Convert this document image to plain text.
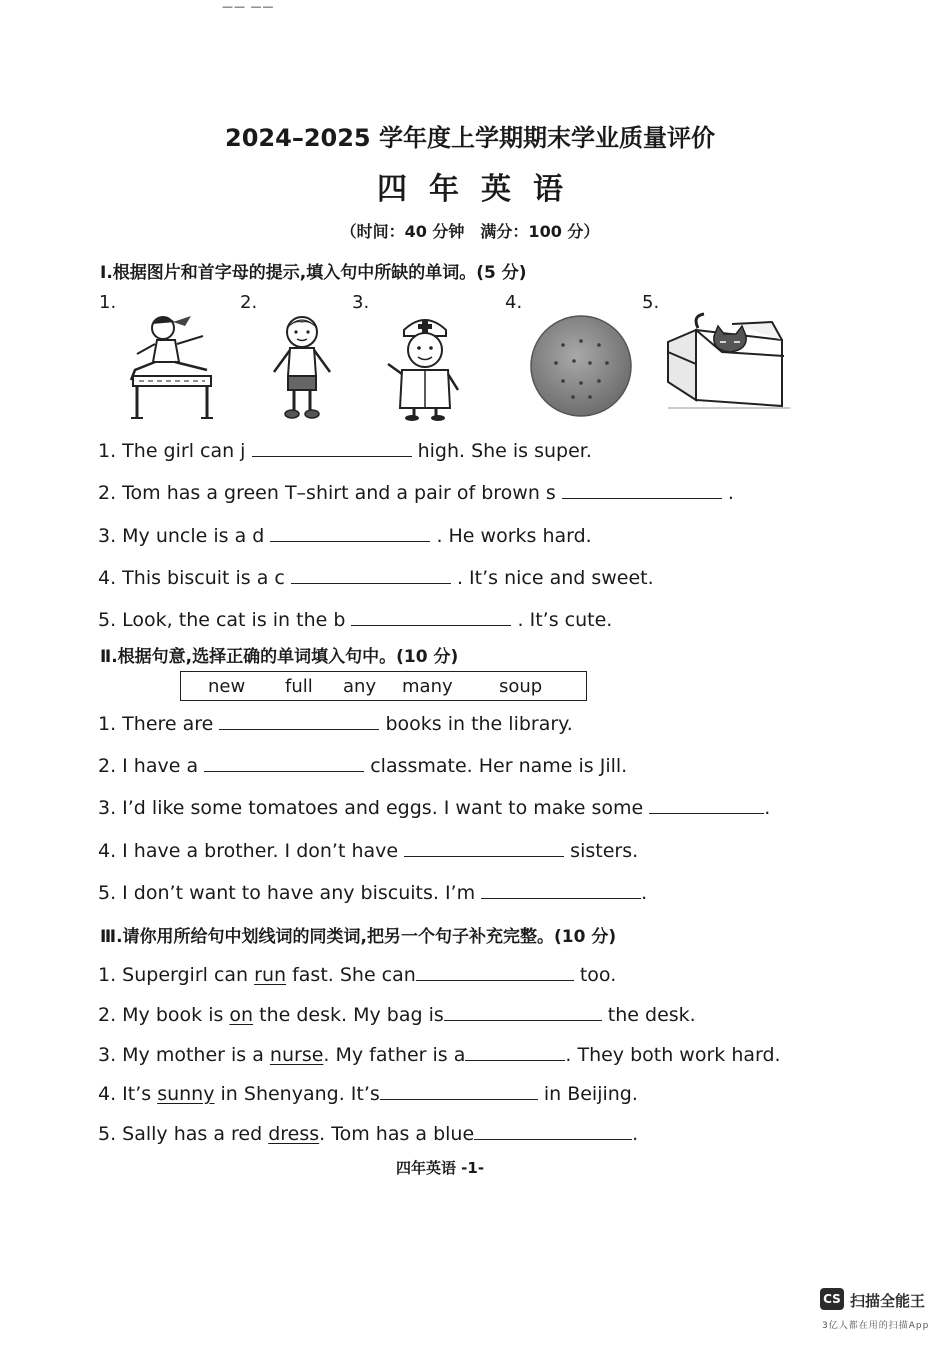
—— ——
2024–2025 学年度上学期期末学业质量评价
四年英语
（时间：40 分钟　满分：100 分）
Ⅰ.根据图片和首字母的提示,填入句中所缺的单词。(5 分)
1.	2.	3.	4.	5.
1. The girl can j	high. She is super.
2. Tom has a green T–shirt and a pair of brown s	.
3. My uncle is a d	. He works hard.
4. This biscuit is a c	. It’s nice and sweet.
5. Look, the cat is in the b	. It’s cute.
Ⅱ.根据句意,选择正确的单词填入句中。(10 分)
new full any many	soup
1. There are	books in the library.
2. I have a	classmate. Her name is Jill.
3. I’d like some tomatoes and eggs. I want to make some	.
4. I have a brother. I don’t have	sisters.
5. I don’t want to have any biscuits. I’m	.
Ⅲ.请你用所给句中划线词的同类词,把另一个句子补充完整。(10 分)
1. Supergirl can run fast. She can	too.
2. My book is on the desk. My bag is	the desk.
3. My mother is a nurse. My father is a	. They both work hard.
4. It’s sunny in Shenyang. It’s	in Beijing.
5. Sally has a red dress. Tom has a blue	.
四年英语 -1-
CS 扫描全能王
3亿人都在用的扫描App
